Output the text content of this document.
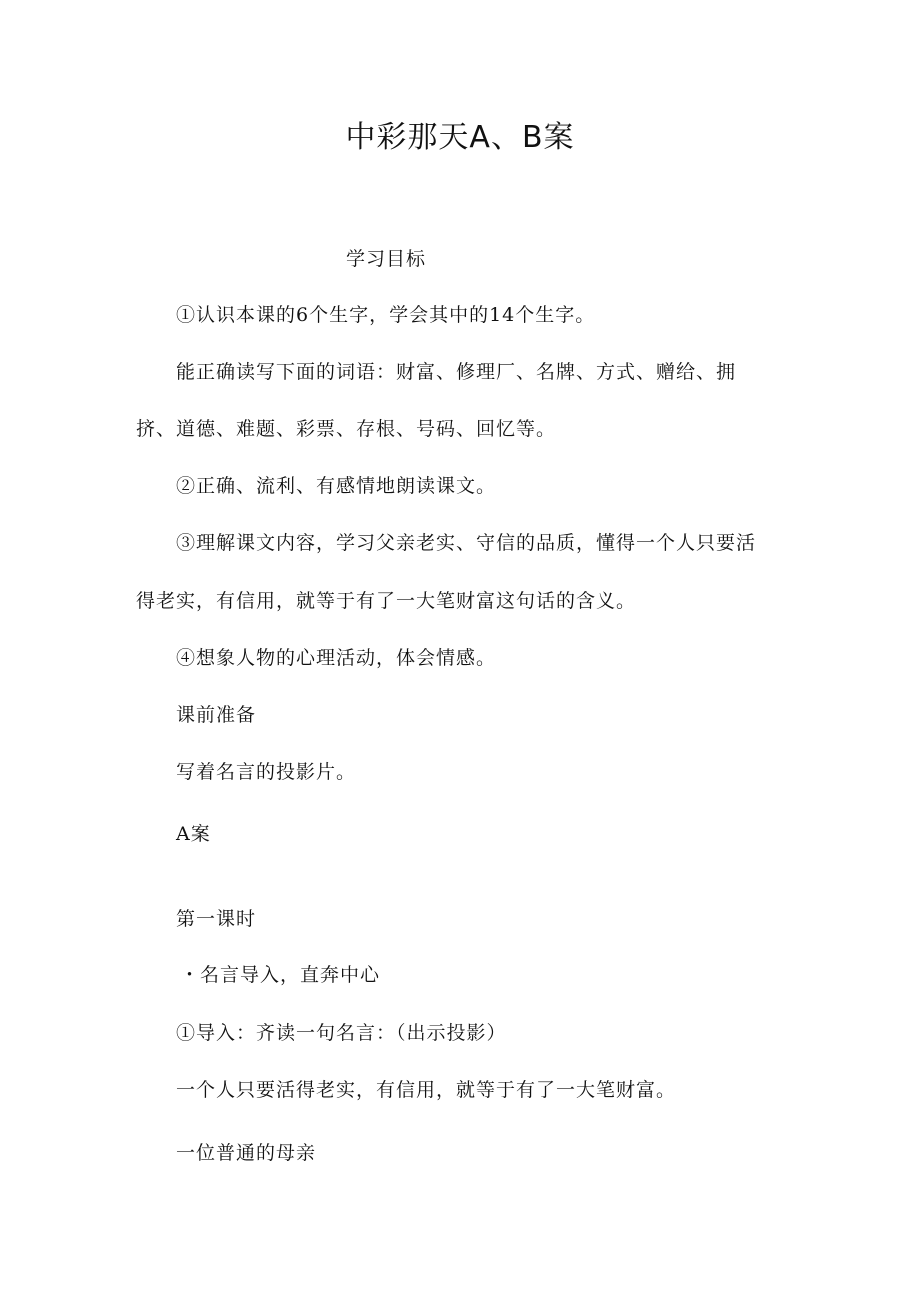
中彩那天A、B案
学习目标
①认识本课的6个生字，学会其中的14个生字。
能正确读写下面的词语：财富、修理厂、名牌、方式、赠给、拥
挤、道德、难题、彩票、存根、号码、回忆等。
②正确、流利、有感情地朗读课文。
③理解课文内容，学习父亲老实、守信的品质，懂得一个人只要活
得老实，有信用，就等于有了一大笔财富这句话的含义。
④想象人物的心理活动，体会情感。
课前准备
写着名言的投影片。
A案
第一课时
・名言导入，直奔中心
①导入：齐读一句名言：（出示投影）
一个人只要活得老实，有信用，就等于有了一大笔财富。
一位普通的母亲
